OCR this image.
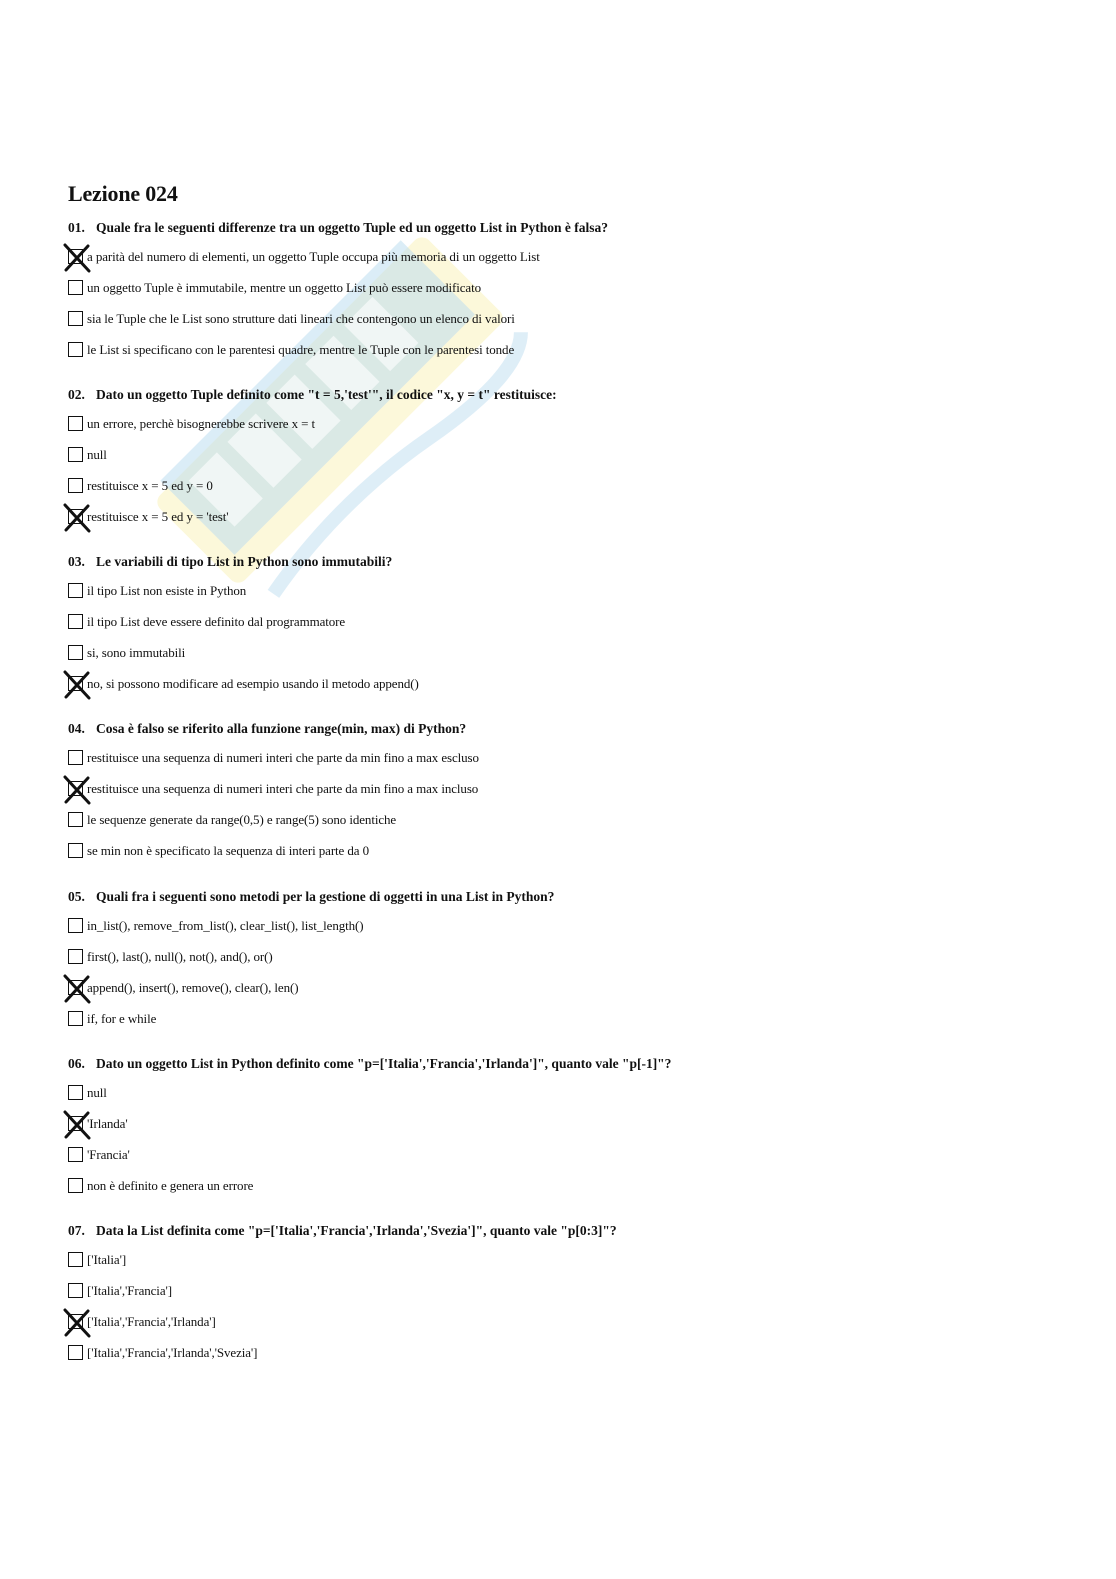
Lezione 024
01. Quale fra le seguenti differenze tra un oggetto Tuple ed un oggetto List in Python è falsa?
a parità del numero di elementi, un oggetto Tuple occupa più memoria di un oggetto List
un oggetto Tuple è immutabile, mentre un oggetto List può essere modificato
sia le Tuple che le List sono strutture dati lineari che contengono un elenco di valori
le List si specificano con le parentesi quadre, mentre le Tuple con le parentesi tonde
02. Dato un oggetto Tuple definito come "t = 5,'test'", il codice "x, y = t" restituisce:
un errore, perchè bisognerebbe scrivere x = t
null
restituisce x = 5 ed y = 0
restituisce x = 5 ed y = 'test'
03. Le variabili di tipo List in Python sono immutabili?
il tipo List non esiste in Python
il tipo List deve essere definito dal programmatore
si, sono immutabili
no, si possono modificare ad esempio usando il metodo append()
04. Cosa è falso se riferito alla funzione range(min, max) di Python?
restituisce una sequenza di numeri interi che parte da min fino a max escluso
restituisce una sequenza di numeri interi che parte da min fino a max incluso
le sequenze generate da range(0,5) e range(5) sono identiche
se min non è specificato la sequenza di interi parte da 0
05. Quali fra i seguenti sono metodi per la gestione di oggetti in una List in Python?
in_list(), remove_from_list(), clear_list(), list_length()
first(), last(), null(), not(), and(), or()
append(), insert(), remove(), clear(), len()
if, for e while
06. Dato un oggetto List in Python definito come "p=['Italia','Francia','Irlanda']", quanto vale "p[-1]"?
null
'Irlanda'
'Francia'
non è definito e genera un errore
07. Data la List definita come "p=['Italia','Francia','Irlanda','Svezia']", quanto vale "p[0:3]"?
['Italia']
['Italia','Francia']
['Italia','Francia','Irlanda']
['Italia','Francia','Irlanda','Svezia']
